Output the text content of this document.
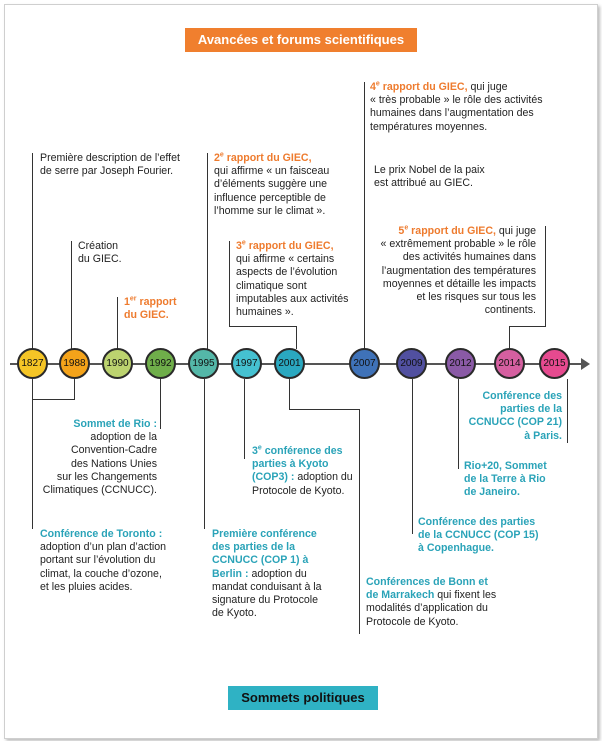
Avancées et forums scientifiques
Première description de l’effet
de serre par Joseph Fourier.
Création
du GIEC.
1er rapport
du GIEC.
2e rapport du GIEC,
qui affirme « un faisceau
d’éléments suggère une
influence perceptible de
l’homme sur le climat ».
3e rapport du GIEC,
qui affirme « certains
aspects de l’évolution
climatique sont
imputables aux activités
humaines ».
4e rapport du GIEC, qui juge
« très probable » le rôle des activités
humaines dans l’augmentation des
températures moyennes.
Le prix Nobel de la paix
est attribué au GIEC.
5e rapport du GIEC, qui juge
« extrêmement probable » le rôle
des activités humaines dans
l’augmentation des températures
moyennes et détaille les impacts
et les risques sur tous les
continents.
1827	1988	1990	1992	1995	1997	2001	2007	2009	2012	2014	2015
Sommet de Rio :
adoption de la
Convention-Cadre
des Nations Unies
sur les Changements
Climatiques (CCNUCC).
Conférence de Toronto :
adoption d’un plan d’action
portant sur l’évolution du
climat, la couche d’ozone,
et les pluies acides.
Première conférence
des parties de la
CCNUCC (COP 1) à
Berlin : adoption du
mandat conduisant à la
signature du Protocole
de Kyoto.
3e conférence des
parties à Kyoto
(COP3) : adoption du
Protocole de Kyoto.
Conférences de Bonn et
de Marrakech qui fixent les
modalités d’application du
Protocole de Kyoto.
Conférence des parties
de la CCNUCC (COP 15)
à Copenhague.
Rio+20, Sommet
de la Terre à Rio
de Janeiro.
Conférence des
parties de la
CCNUCC (COP 21)
à Paris.
Sommets politiques
